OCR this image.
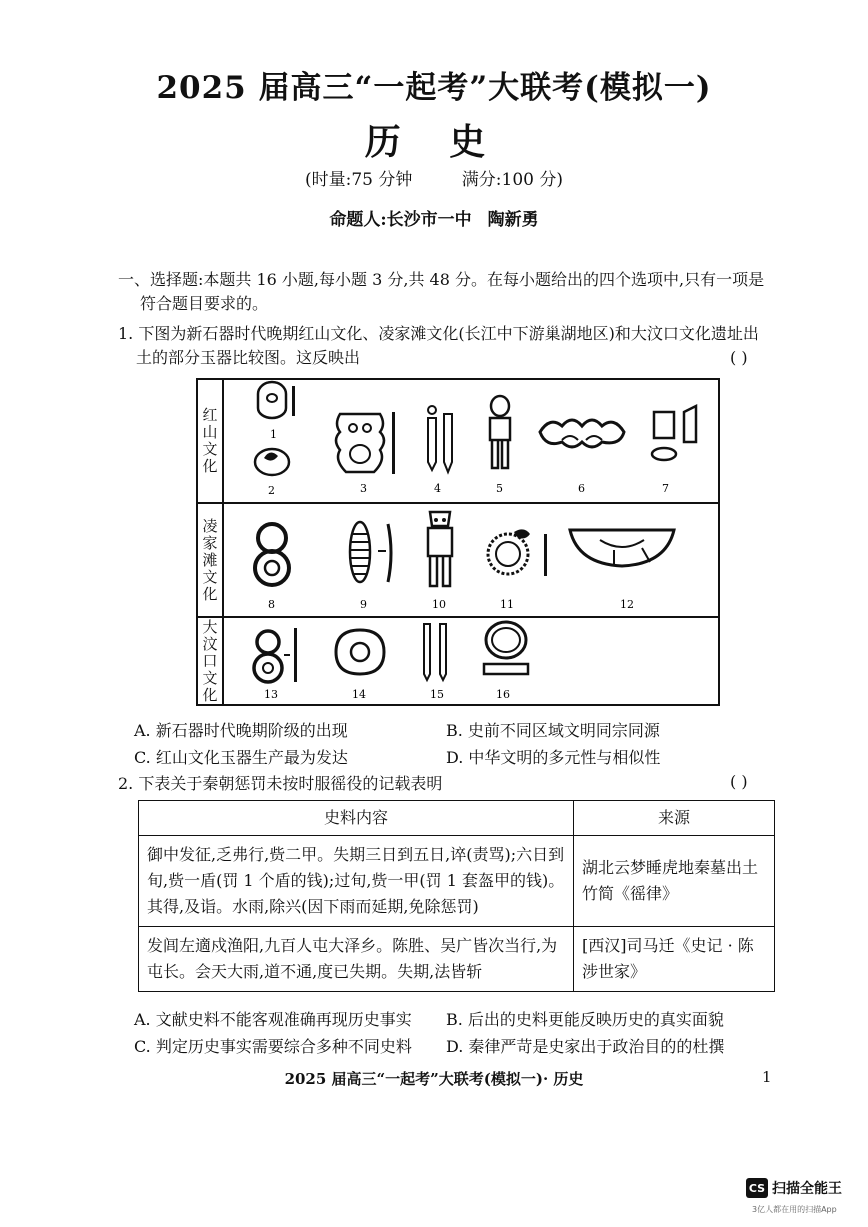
2025 届高三“一起考”大联考(模拟一)
历 史
(时量:75 分钟	满分:100 分)
命题人:长沙市一中 陶新勇
一、选择题:本题共 16 小题,每小题 3 分,共 48 分。在每小题给出的四个选项中,只有一项是
符合题目要求的。
1. 下图为新石器时代晚期红山文化、凌家滩文化(长江中下游巢湖地区)和大汶口文化遗址出
土的部分玉器比较图。这反映出	( )
红山文化	1
2	3	4	5	6	7
凌家滩文化
8	9	10	11	12
大汶口文化	13	14	15	16
A. 新石器时代晚期阶级的出现	B. 史前不同区域文明同宗同源
C. 红山文化玉器生产最为发达	D. 中华文明的多元性与相似性
2. 下表关于秦朝惩罚未按时服徭役的记载表明	( )
史料内容	来源
御中发征,乏弗行,赀二甲。失期三日到五日,谇(责骂);六日到旬,赀一盾(罚 1 个盾的钱);过旬,赀一甲(罚 1 套盔甲的钱)。其得,及诣。水雨,除兴(因下雨而延期,免除惩罚)	湖北云梦睡虎地秦墓出土竹简《徭律》
发闾左適戍渔阳,九百人屯大泽乡。陈胜、吴广皆次当行,为屯长。会天大雨,道不通,度已失期。失期,法皆斩	[西汉]司马迁《史记 · 陈涉世家》
A. 文献史料不能客观准确再现历史事实 B. 后出的史料更能反映历史的真实面貌
C. 判定历史事实需要综合多种不同史料 D. 秦律严苛是史家出于政治目的的杜撰
2025 届高三“一起考”大联考(模拟一)· 历史	1
CS 扫描全能王
3亿人都在用的扫描App
